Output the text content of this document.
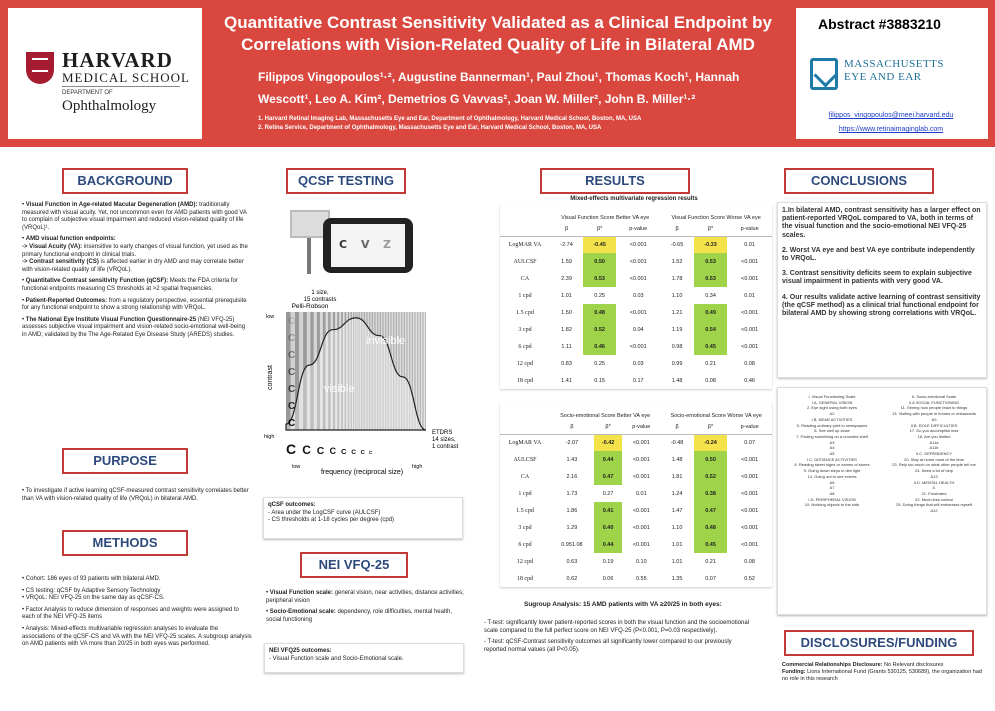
HARVARD
MEDICAL SCHOOL
DEPARTMENT OF
Ophthalmology
Quantitative Contrast Sensitivity Validated as a Clinical Endpoint by Correlations with Vision-Related Quality of Life in Bilateral AMD
Filippos Vingopoulos¹·², Augustine Bannerman¹, Paul Zhou¹, Thomas Koch¹, Hannah
Wescott¹, Leo A. Kim², Demetrios G Vavvas², Joan W. Miller², John B. Miller¹·²
1. Harvard Retinal Imaging Lab, Massachusetts Eye and Ear, Department of Ophthalmology, Harvard Medical School, Boston, MA, USA
2. Retina Service, Department of Ophthalmology, Massachusetts Eye and Ear, Harvard Medical School, Boston, MA, USA
Abstract #3883210
MASSACHUSETTS
EYE AND EAR
filippos_vingopoulos@meei.harvard.edu
https://www.retinaimaginglab.com
BACKGROUND

• Visual Function in Age-related Macular Degeneration (AMD): traditionally measured with visual acuity. Yet, not uncommon even for AMD patients with good VA to complain of subjective visual impairment and reduced vision-related quality of life (VRQoL)¹.

• AMD visual function endpoints:
-> Visual Acuity (VA): insensitive to early changes of visual function, yet used as the primary functional endpoint in clinical trials.
-> Contrast sensitivity (CS) is affected earlier in dry AMD and may correlate better with vision-related quality of life (VRQoL).

• Quantitative Contrast sensitivity Function (qCSF): Meets the FDA criteria for functional endpoints measuring CS thresholds at >2 spatial frequencies.

• Patient-Reported Outcomes: from a regulatory perspective, essential prerequisite for any functional endpoint to show a strong relationship with VRQoL.

• The National Eye Institute Visual Function Questionnaire-25 (NEI VFQ-25) assesses subjective visual impairment and vision-related socio-emotional well-being in AMD; validated by the The Age-Related Eye Disease Study (AREDS) studies.

PURPOSE

• To investigate if active learning qCSF-measured contrast sensitivity correlates better than VA with vision-related quality of life (VRQoL) in bilateral AMD.

METHODS

• Cohort: 186 eyes of 93 patients with bilateral AMD.

• CS testing: qCSF by Adaptive Sensory Technology
• VRQoL: NEI VFQ-25 on the same day as qCSF-CS.

• Factor Analysis to reduce dimension of responses and weights were assigned to each of the NEI VFQ-25 items

• Analysis: Mixed-effects multivariable regression analyses to evaluate the associations of the qCSF-CS and VA with the NEI VFQ-25 scales. A subgroup analysis on AMD patients with VA more than 20/25 in both eyes was performed.

QCSF TESTING
C V Z
1 size,
15 contrasts
Pelli-Robson
invisible
visible
contrast
low
high
low	high
frequency (reciprocal size)
ETDRS
14 sizes,
1 contrast
C
C
C
C
C
C
C
C C C C C C C C
qCSF outcomes:
- Area under the LogCSF curve (AULCSF)
- CS thresholds at 1-18 cycles per degree (cpd)
NEI VFQ-25

• Visual Function scale: general vision, near activities, distance activities, peripheral vision

• Socio-Emotional scale: dependency, role difficulties, mental health, social functioning

NEI VFQ25 outcomes:
- Visual Function scale and Socio-Emotional scale.
RESULTS
Mixed-effects multivariate regression results
	Visual Function Score Better VA eye			Visual Function Score Worse VA eye		
	β	β*	p-value	β	β*	p-value
LogMAR VA	-2.74	-0.45	<0.001	-0.65	-0.33	0.01
AULCSF	1.59	0.50	<0.001	1.52	0.53	<0.001
CA	2.39	0.53	<0.001	1.78	0.53	<0.001
1 cpd	1.01	0.25	0.03	1.10	0.34	0.01
1.5 cpd	1.50	0.48	<0.001	1.21	0.49	<0.001
3 cpd	1.82	0.52	0.04	1.19	0.54	<0.001
6 cpd	1.11	0.46	<0.001	0.98	0.45	<0.001
12 cpd	0.83	0.25	0.03	0.99	0.21	0.08
18 cpd	1.41	0.15	0.17	1.48	0.08	0.46
	Socio-emotional Score Better VA eye			Socio-emotional Score Worse VA eye		
	β	β*	p-value	β	β*	p-value
LogMAR VA	-2.07	-0.42	<0.001	-0.48	-0.24	0.07
AULCSF	1.43	0.44	<0.001	1.48	0.50	<0.001
CA	2.16	0.47	<0.001	1.81	0.52	<0.001
1 cpd	1.73	0.27	0.01	1.24	0.38	<0.001
1.5 cpd	1.86	0.41	<0.001	1.47	0.47	<0.001
3 cpd	1.29	0.40	<0.001	1.10	0.48	<0.001
6 cpd	0.951.08	0.44	<0.001	1.01	0.45	<0.001
12 cpd	0.63	0.19	0.10	1.01	0.21	0.08
18 cpd	0.62	0.06	0.55	1.35	0.07	0.52
Sugroup Analysis: 15 AMD patients with VA ≥20/25 in both eyes:

- T-test: significantly lower patient-reported scores in both the visual function and the socioemotional scale compared to the full perfect score on NEI VFQ-25 (P<0.001, P=0.03 respectively).

- T-test: qCSF-Contrast sensitivity outcomes all significantly lower compared to our previously reported normal values (all P<0.05).

CONCLUSIONS

1.In bilateral AMD, contrast sensitivity has a larger effect on patient-reported VRQoL compared to VA, both in terms of the visual function and the socio-emotional NEI VFQ-25 scales.

2. Worst VA eye and best VA eye contribute independently to VRQoL.

3. Contrast sensitivity deficits seem to explain subjective visual impairment in patients with very good VA.

4. Our results validate active learning of contrast sensitivity (the qCSF method) as a clinical trial functional endpoint for bilateral AMD by showing strong correlations with VRQoL.

I. Visual Functioning Scale
I.A. GENERAL VISION
2. Eye sight using both eyes
A2
I.B. NEAR ACTIVITIES
5. Reading ordinary print in newspapers
8. See well up close
7. Finding something on a crowded shelf
A3
A4
A5
I.C. DISTANCE ACTIVITIES
8. Reading street signs or names of stores
9. Going down steps in dim light
14. Going out to see events
A6
A7
A8
I.D. PERIPHERAL VISION
10. Noticing objects to the side
II. Socio-emotional Scale
II.A SOCIAL FUNCTIONING
11. Seeing how people react to things
13. Visiting with people in homes or restaurants
A9
II.B. ROLE DIFFICULTIES
17. Do you accomplish less
18. Are you limited
A11a
A11b
II.C. DEPENDENCY
20. Stay at home most of the time
23. Rely too much on what other people tell me
24. Need a lot of help
A13
II.D. MENTAL HEALTH
3.
21. Frustrated
22. Much less control
25. Doing things that will embarrass myself
A12
DISCLOSURES/FUNDING
Commercial Relationships Disclosure: No Relevant disclosures
Funding: Lions International Fund (Grants 530125, 530689), the organization had no role in this research
